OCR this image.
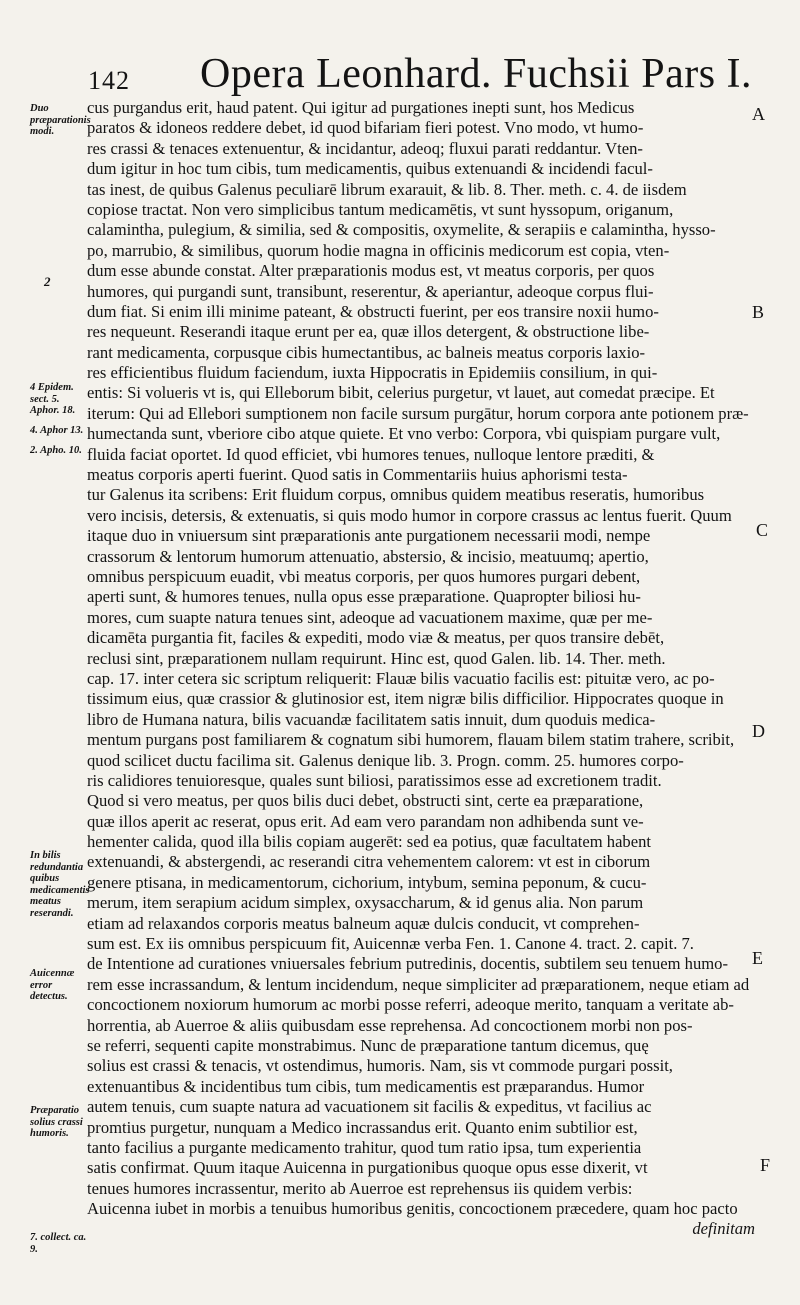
142 Opera Leonhard. Fuchsii Pars I.
Duo præparationis modi.
2
4 Epidem. sect. 5. Aphor. 18.
4. Aphor 13.
2. Apho. 10.
In bilis redundantia quibus medicamentis meatus reserandi.
Auicennæ error detectus.
Præparatio solius crassi humoris.
7. collect. ca. 9.
A
B
C
D
E
F
cus purgandus erit, haud patent. Qui igitur ad purgationes inepti sunt, hos Medicus
paratos & idoneos reddere debet, id quod bifariam fieri potest. Vno modo, vt humo-
res crassi & tenaces extenuentur, & incidantur, adeoq; fluxui parati reddantur. Vten-
dum igitur in hoc tum cibis, tum medicamentis, quibus extenuandi & incidendi facul-
tas inest, de quibus Galenus peculiarē librum exarauit, & lib. 8. Ther. meth. c. 4. de iisdem
copiose tractat. Non vero simplicibus tantum medicamētis, vt sunt hyssopum, origanum,
calamintha, pulegium, & similia, sed & compositis, oxymelite, & serapiis e calamintha, hysso-
po, marrubio, & similibus, quorum hodie magna in officinis medicorum est copia, vten-
dum esse abunde constat. Alter præparationis modus est, vt meatus corporis, per quos
humores, qui purgandi sunt, transibunt, reserentur, & aperiantur, adeoque corpus flui-
dum fiat. Si enim illi minime pateant, & obstructi fuerint, per eos transire noxii humo-
res nequeunt. Reserandi itaque erunt per ea, quæ illos detergent, & obstructione libe-
rant medicamenta, corpusque cibis humectantibus, ac balneis meatus corporis laxio-
res efficientibus fluidum faciendum, iuxta Hippocratis in Epidemiis consilium, in qui-
entis: Si volueris vt is, qui Elleborum bibit, celerius purgetur, vt lauet, aut comedat præcipe. Et
iterum: Qui ad Ellebori sumptionem non facile sursum purgātur, horum corpora ante potionem præ-
humectanda sunt, vberiore cibo atque quiete. Et vno verbo: Corpora, vbi quispiam purgare vult,
fluida faciat oportet. Id quod efficiet, vbi humores tenues, nulloque lentore præditi, &
meatus corporis aperti fuerint. Quod satis in Commentariis huius aphorismi testa-
tur Galenus ita scribens: Erit fluidum corpus, omnibus quidem meatibus reseratis, humoribus
vero incisis, detersis, & extenuatis, si quis modo humor in corpore crassus ac lentus fuerit. Quum
itaque duo in vniuersum sint præparationis ante purgationem necessarii modi, nempe
crassorum & lentorum humorum attenuatio, abstersio, & incisio, meatuumq; apertio,
omnibus perspicuum euadit, vbi meatus corporis, per quos humores purgari debent,
aperti sunt, & humores tenues, nulla opus esse præparatione. Quapropter biliosi hu-
mores, cum suapte natura tenues sint, adeoque ad vacuationem maxime, quæ per me-
dicamēta purgantia fit, faciles & expediti, modo viæ & meatus, per quos transire debēt,
reclusi sint, præparationem nullam requirunt. Hinc est, quod Galen. lib. 14. Ther. meth.
cap. 17. inter cetera sic scriptum reliquerit: Flauæ bilis vacuatio facilis est: pituitæ vero, ac po-
tissimum eius, quæ crassior & glutinosior est, item nigræ bilis difficilior. Hippocrates quoque in
libro de Humana natura, bilis vacuandæ facilitatem satis innuit, dum quoduis medica-
mentum purgans post familiarem & cognatum sibi humorem, flauam bilem statim trahere, scribit,
quod scilicet ductu facilima sit. Galenus denique lib. 3. Progn. comm. 25. humores corpo-
ris calidiores tenuioresque, quales sunt biliosi, paratissimos esse ad excretionem tradit.
Quod si vero meatus, per quos bilis duci debet, obstructi sint, certe ea præparatione,
quæ illos aperit ac reserat, opus erit. Ad eam vero parandam non adhibenda sunt ve-
hementer calida, quod illa bilis copiam augerēt: sed ea potius, quæ facultatem habent
extenuandi, & abstergendi, ac reserandi citra vehementem calorem: vt est in ciborum
genere ptisana, in medicamentorum, cichorium, intybum, semina peponum, & cucu-
merum, item serapium acidum simplex, oxysaccharum, & id genus alia. Non parum
etiam ad relaxandos corporis meatus balneum aquæ dulcis conducit, vt comprehen-
sum est. Ex iis omnibus perspicuum fit, Auicennæ verba Fen. 1. Canone 4. tract. 2. capit. 7.
de Intentione ad curationes vniuersales febrium putredinis, docentis, subtilem seu tenuem humo-
rem esse incrassandum, & lentum incidendum, neque simpliciter ad præparationem, neque etiam ad
concoctionem noxiorum humorum ac morbi posse referri, adeoque merito, tanquam a veritate ab-
horrentia, ab Auerroe & aliis quibusdam esse reprehensa. Ad concoctionem morbi non pos-
se referri, sequenti capite monstrabimus. Nunc de præparatione tantum dicemus, quę
solius est crassi & tenacis, vt ostendimus, humoris. Nam, sis vt commode purgari possit,
extenuantibus & incidentibus tum cibis, tum medicamentis est præparandus. Humor
autem tenuis, cum suapte natura ad vacuationem sit facilis & expeditus, vt facilius ac
promtius purgetur, nunquam a Medico incrassandus erit. Quanto enim subtilior est,
tanto facilius a purgante medicamento trahitur, quod tum ratio ipsa, tum experientia
satis confirmat. Quum itaque Auicenna in purgationibus quoque opus esse dixerit, vt
tenues humores incrassentur, merito ab Auerroe est reprehensus iis quidem verbis:
Auicenna iubet in morbis a tenuibus humoribus genitis, concoctionem præcedere, quam hoc pacto
definitam
